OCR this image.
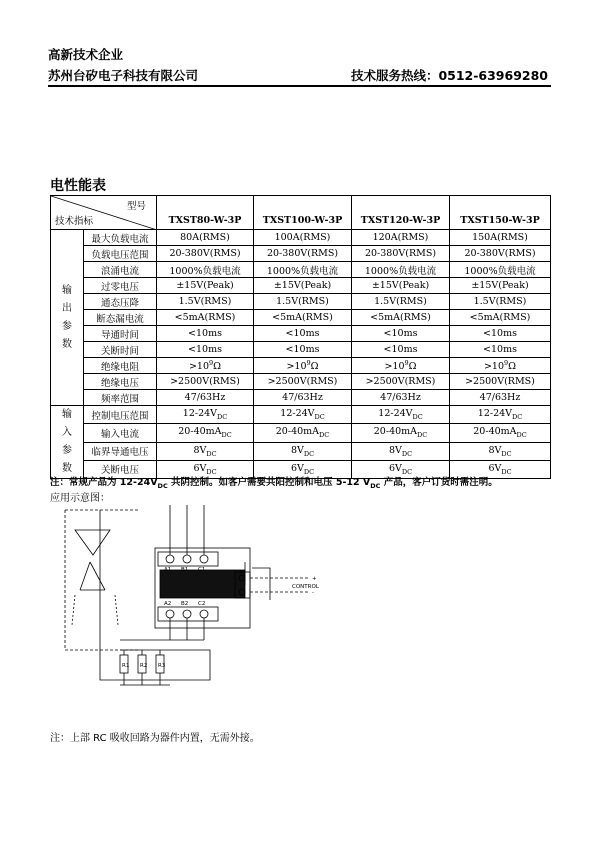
高新技术企业
苏州台矽电子科技有限公司	技术服务热线：0512-63969280
电性能表
型号
技术指标		TXST80-W-3P	TXST100-W-3P	TXST120-W-3P	TXST150-W-3P
输出参数	最大负载电流	80A(RMS)	100A(RMS)	120A(RMS)	150A(RMS)
	负载电压范围	20-380V(RMS)	20-380V(RMS)	20-380V(RMS)	20-380V(RMS)
	浪涌电流	1000%负载电流	1000%负载电流	1000%负载电流	1000%负载电流
	过零电压	±15V(Peak)	±15V(Peak)	±15V(Peak)	±15V(Peak)
	通态压降	1.5V(RMS)	1.5V(RMS)	1.5V(RMS)	1.5V(RMS)
	断态漏电流	<5mA(RMS)	<5mA(RMS)	<5mA(RMS)	<5mA(RMS)
	导通时间	<10ms	<10ms	<10ms	<10ms
	关断时间	<10ms	<10ms	<10ms	<10ms
	绝缘电阻	$>10^9\Omega$	$>10^9\Omega$	$>10^9\Omega$	$>10^9\Omega$
	绝缘电压	>2500V(RMS)	>2500V(RMS)	>2500V(RMS)	>2500V(RMS)
	频率范围	47/63Hz	47/63Hz	47/63Hz	47/63Hz
输入参数	控制电压范围	$12-24V_{DC}$	$12-24V_{DC}$	$12-24V_{DC}$	$12-24V_{DC}$
	输入电流	$20-40mA_{DC}$	$20-40mA_{DC}$	$20-40mA_{DC}$	$20-40mA_{DC}$
	临界导通电压	$8V_{DC}$	$8V_{DC}$	$8V_{DC}$	$8V_{DC}$
	关断电压	$6V_{DC}$	$6V_{DC}$	$6V_{DC}$	$6V_{DC}$
注：常规产品为 $12-24V_{DC}$ 共阴控制。如客户需要共阳控制和电压 5-12 $V_{DC}$ 产品，客户订货时需注明。
应用示意图：
A1 B1 C1
A2 B2 C2
R1 R2 R3
CONTROL
+
-
注：上部 RC 吸收回路为器件内置，无需外接。
